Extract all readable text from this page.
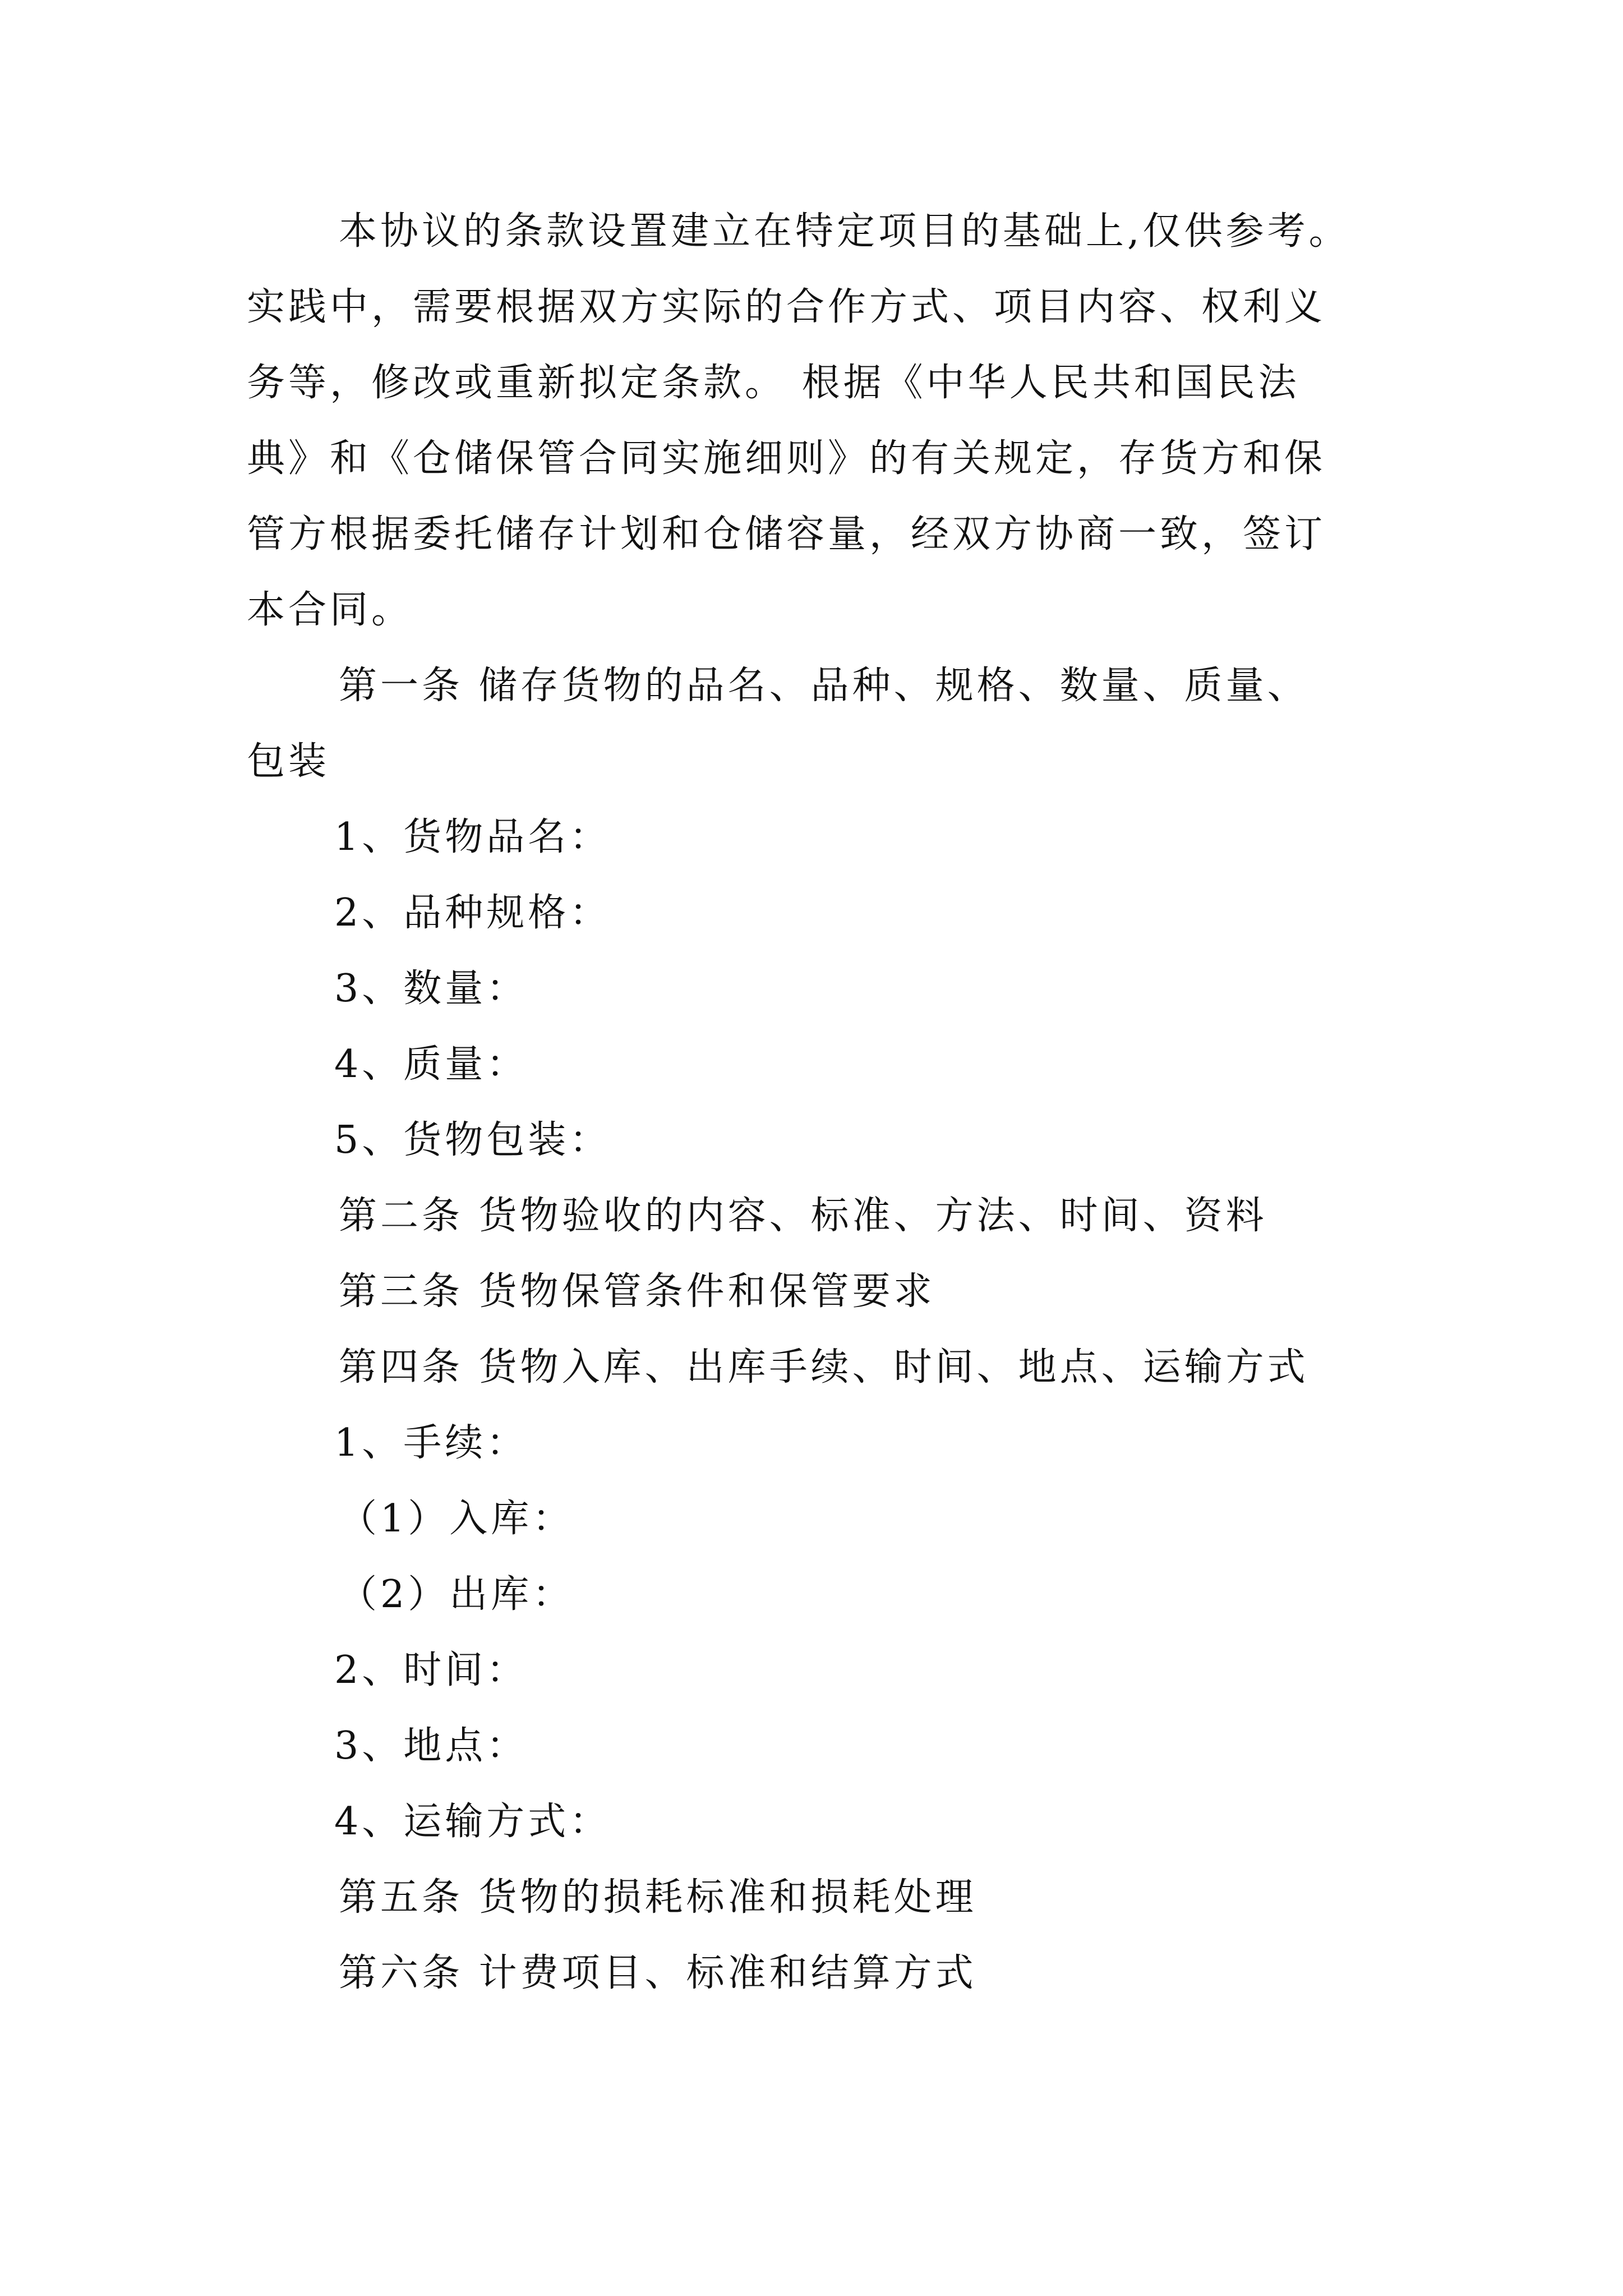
本协议的条款设置建立在特定项目的基础上,仅供参考。
实践中，需要根据双方实际的合作方式、项目内容、权利义
务等，修改或重新拟定条款。 根据《中华人民共和国民法
典》和《仓储保管合同实施细则》的有关规定，存货方和保
管方根据委托储存计划和仓储容量，经双方协商一致，签订
本合同。
第一条 储存货物的品名、品种、规格、数量、质量、
包装
1、货物品名：
2、品种规格：
3、数量：
4、质量：
5、货物包装：
第二条 货物验收的内容、标准、方法、时间、资料
第三条 货物保管条件和保管要求
第四条 货物入库、出库手续、时间、地点、运输方式
1、手续：
（1）入库：
（2）出库：
2、时间：
3、地点：
4、运输方式：
第五条 货物的损耗标准和损耗处理
第六条 计费项目、标准和结算方式
